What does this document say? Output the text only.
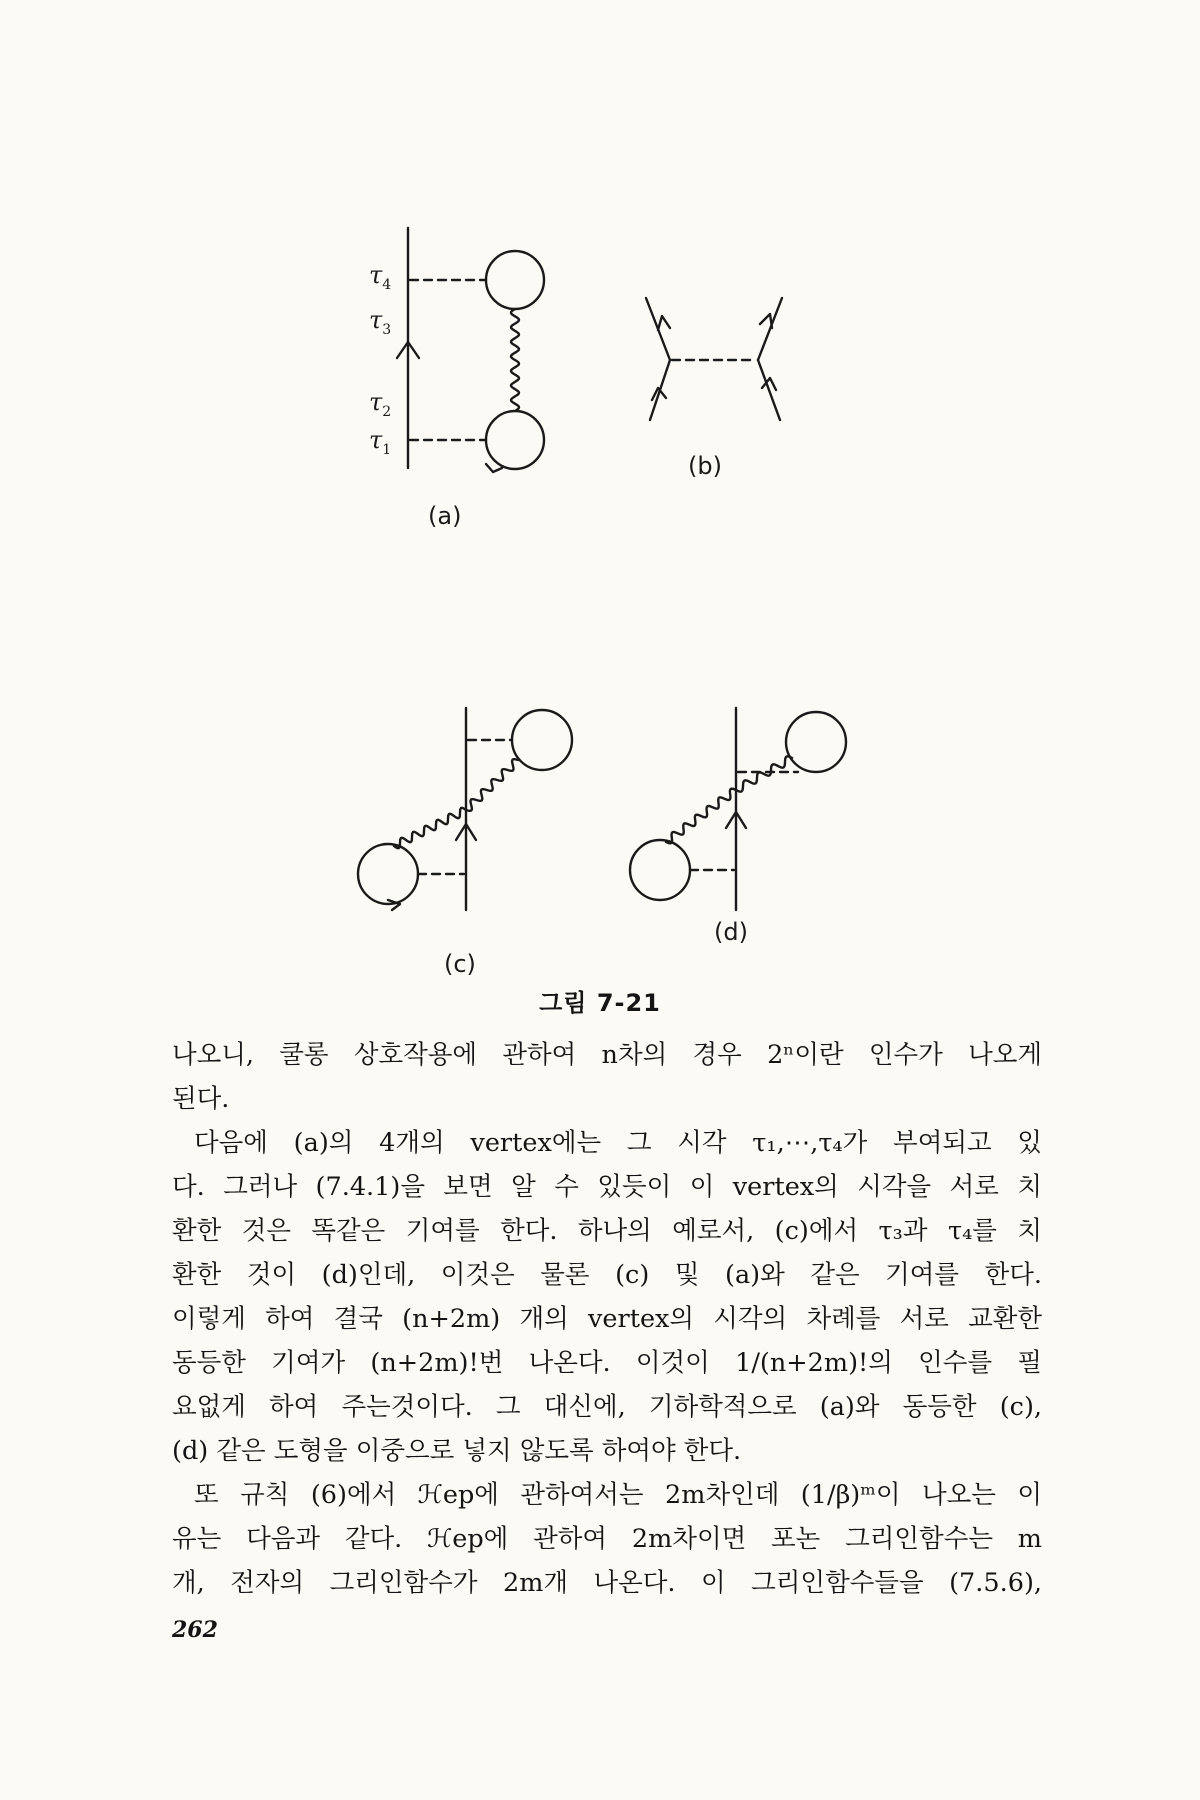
$\tau_4$
$\tau_3$
$\tau_2$
$\tau_1$
(a)
(b)
(c)
(d)
그림 7-21
나오니, 쿨롱 상호작용에 관하여 n차의 경우 2ⁿ이란 인수가 나오게
된다.
다음에 (a)의 4개의 vertex에는 그 시각 τ₁,⋯,τ₄가 부여되고 있
다. 그러나 (7.4.1)을 보면 알 수 있듯이 이 vertex의 시각을 서로 치
환한 것은 똑같은 기여를 한다. 하나의 예로서, (c)에서 τ₃과 τ₄를 치
환한 것이 (d)인데, 이것은 물론 (c) 및 (a)와 같은 기여를 한다.
이렇게 하여 결국 (n+2m) 개의 vertex의 시각의 차례를 서로 교환한
동등한 기여가 (n+2m)!번 나온다. 이것이 1/(n+2m)!의 인수를 필
요없게 하여 주는것이다. 그 대신에, 기하학적으로 (a)와 동등한 (c),
(d) 같은 도형을 이중으로 넣지 않도록 하여야 한다.
또 규칙 (6)에서 ℋep에 관하여서는 2m차인데 (1/β)ᵐ이 나오는 이
유는 다음과 같다. ℋep에 관하여 2m차이면 포논 그리인함수는 m
개, 전자의 그리인함수가 2m개 나온다. 이 그리인함수들을 (7.5.6),
262
